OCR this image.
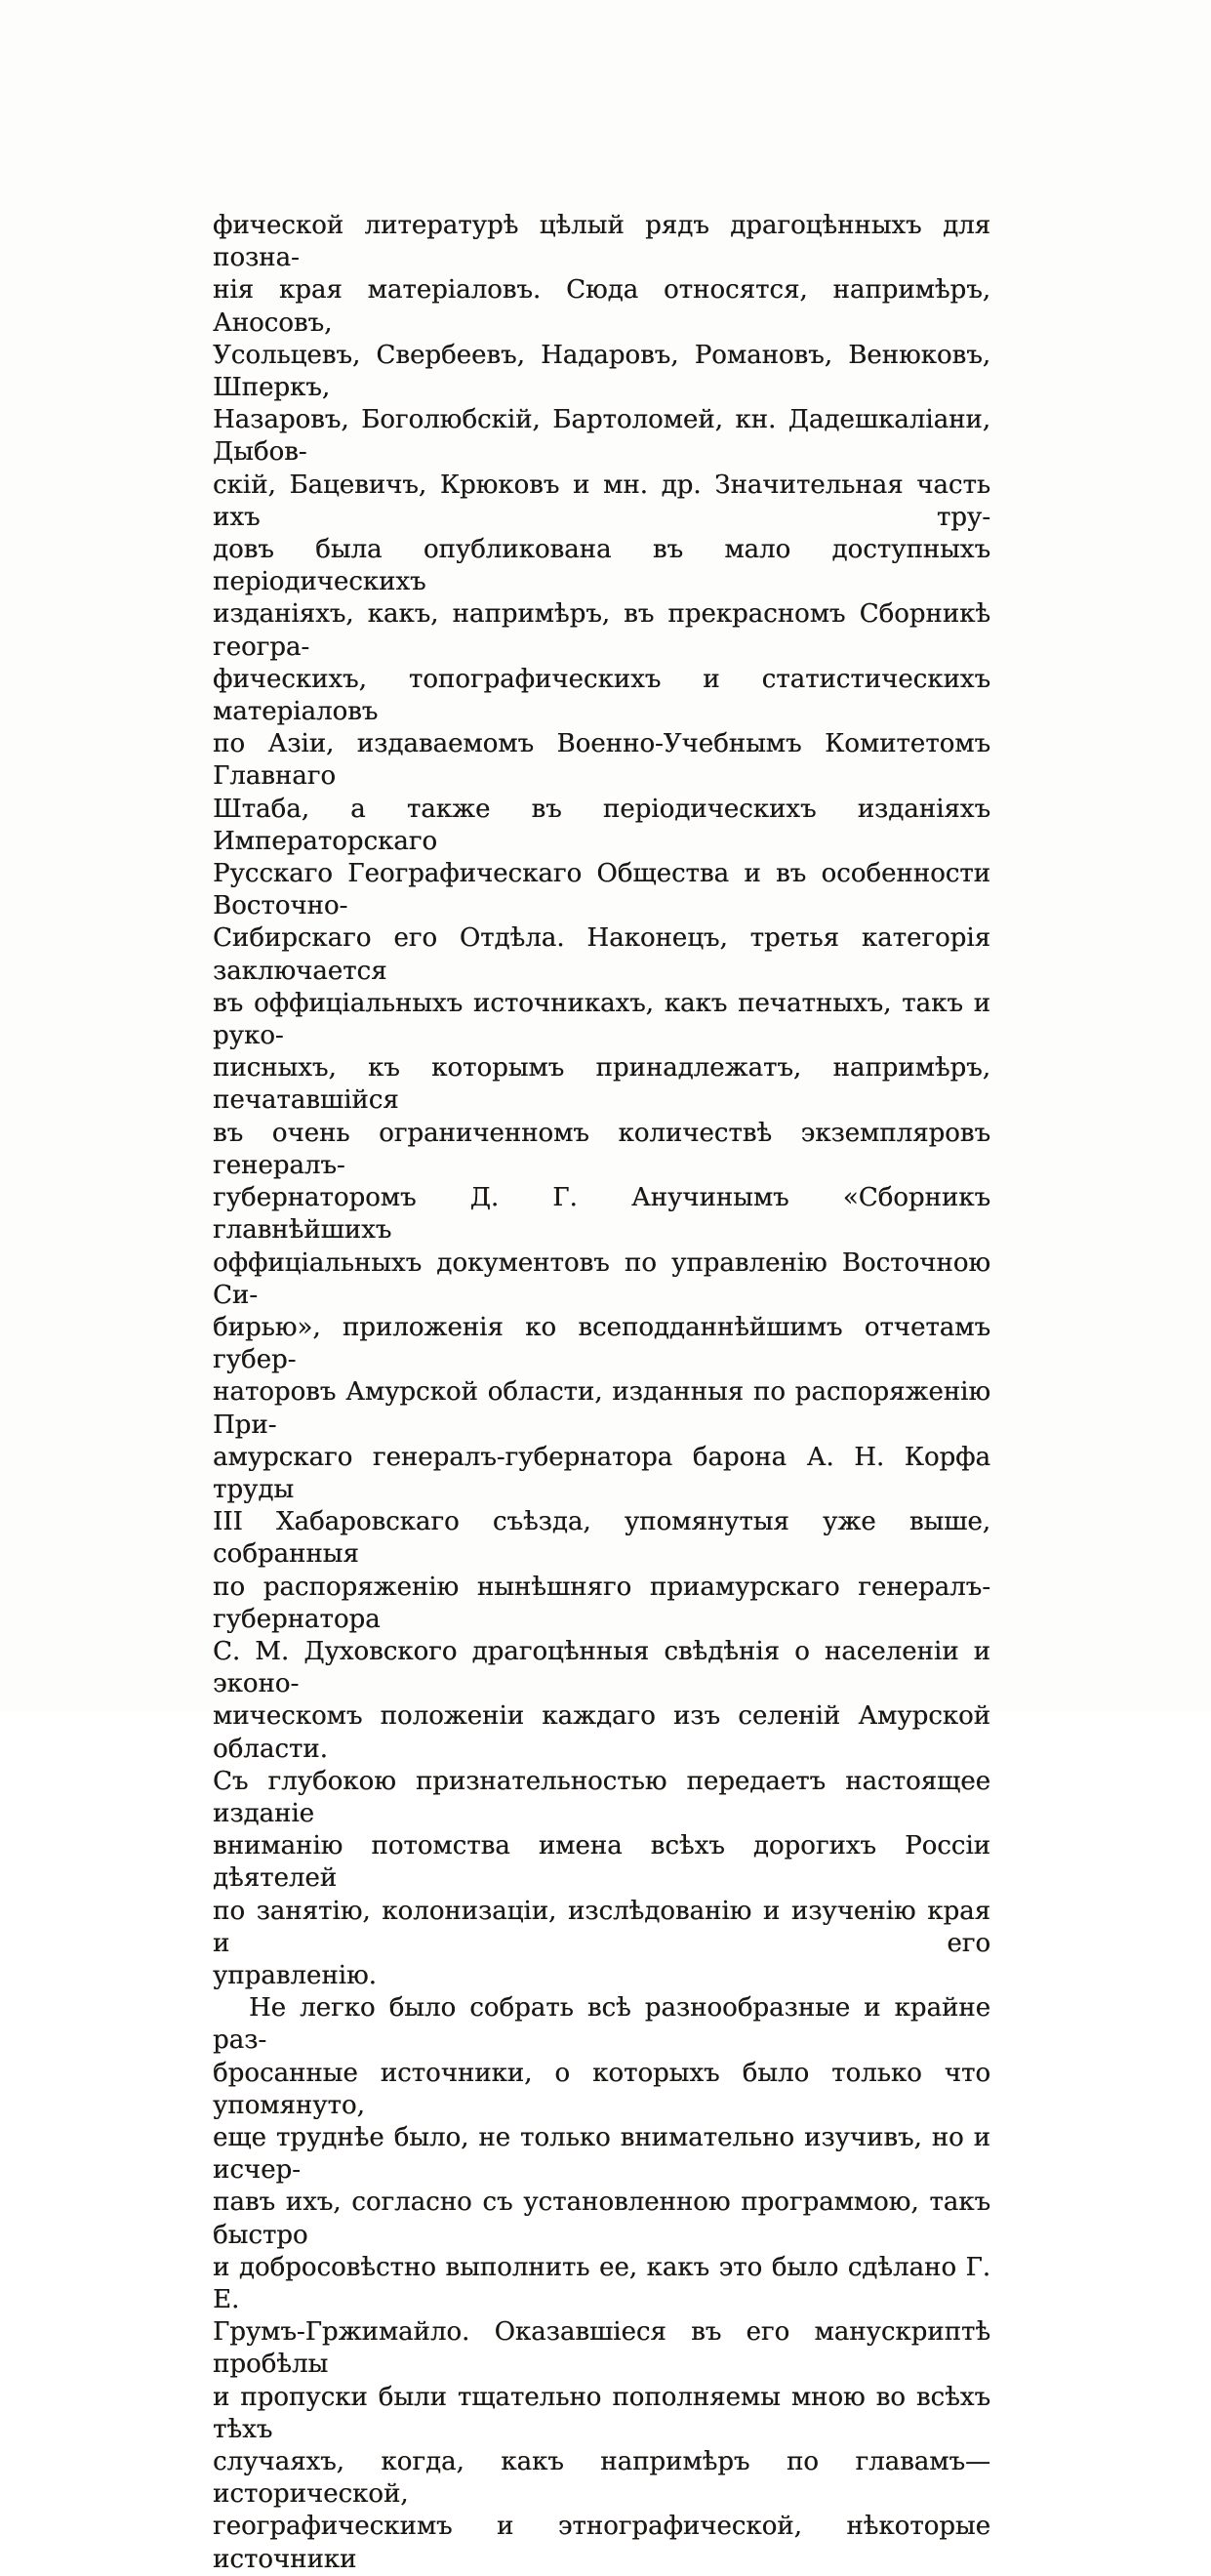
фической литературѣ цѣлый рядъ драгоцѣнныхъ для позна-
нія края матеріаловъ. Сюда относятся, напримѣръ, Аносовъ,
Усольцевъ, Свербеевъ, Надаровъ, Романовъ, Венюковъ, Шперкъ,
Назаровъ, Боголюбскій, Бартоломей, кн. Дадешкаліани, Дыбов-
скій, Бацевичъ, Крюковъ и мн. др. Значительная часть ихъ тру-
довъ была опубликована въ мало доступныхъ періодическихъ
изданіяхъ, какъ, напримѣръ, въ прекрасномъ Сборникѣ геогра-
фическихъ, топографическихъ и статистическихъ матеріаловъ
по Азіи, издаваемомъ Военно-Учебнымъ Комитетомъ Главнаго
Штаба, а также въ періодическихъ изданіяхъ Императорскаго
Русскаго Географическаго Общества и въ особенности Восточно-
Сибирскаго его Отдѣла. Наконецъ, третья категорія заключается
въ оффиціальныхъ источникахъ, какъ печатныхъ, такъ и руко-
писныхъ, къ которымъ принадлежатъ, напримѣръ, печатавшійся
въ очень ограниченномъ количествѣ экземпляровъ генералъ-
губернаторомъ Д. Г. Анучинымъ «Сборникъ главнѣйшихъ
оффиціальныхъ документовъ по управленію Восточною Си-
бирью», приложенія ко всеподданнѣйшимъ отчетамъ губер-
наторовъ Амурской области, изданныя по распоряженію При-
амурскаго генералъ-губернатора барона А. Н. Корфа труды
III Хабаровскаго съѣзда, упомянутыя уже выше, собранныя
по распоряженію нынѣшняго приамурскаго генералъ-губернатора
С. М. Духовского драгоцѣнныя свѣдѣнія о населеніи и эконо-
мическомъ положеніи каждаго изъ селеній Амурской области.
Съ глубокою признательностью передаетъ настоящее изданіе
вниманію потомства имена всѣхъ дорогихъ Россіи дѣятелей
по занятію, колонизаціи, изслѣдованію и изученію края и его
управленію.
Не легко было собрать всѣ разнообразные и крайне раз-
бросанные источники, о которыхъ было только что упомянуто,
еще труднѣе было, не только внимательно изучивъ, но и исчер-
павъ ихъ, согласно съ установленною программою, такъ быстро
и добросовѣстно выполнить ее, какъ это было сдѣлано Г. Е.
Грумъ-Гржимайло. Оказавшіеся въ его манускриптѣ пробѣлы
и пропуски были тщательно пополняемы мною во всѣхъ тѣхъ
случаяхъ, когда, какъ напримѣръ по главамъ—исторической,
географическимъ и этнографической, нѣкоторые источники
